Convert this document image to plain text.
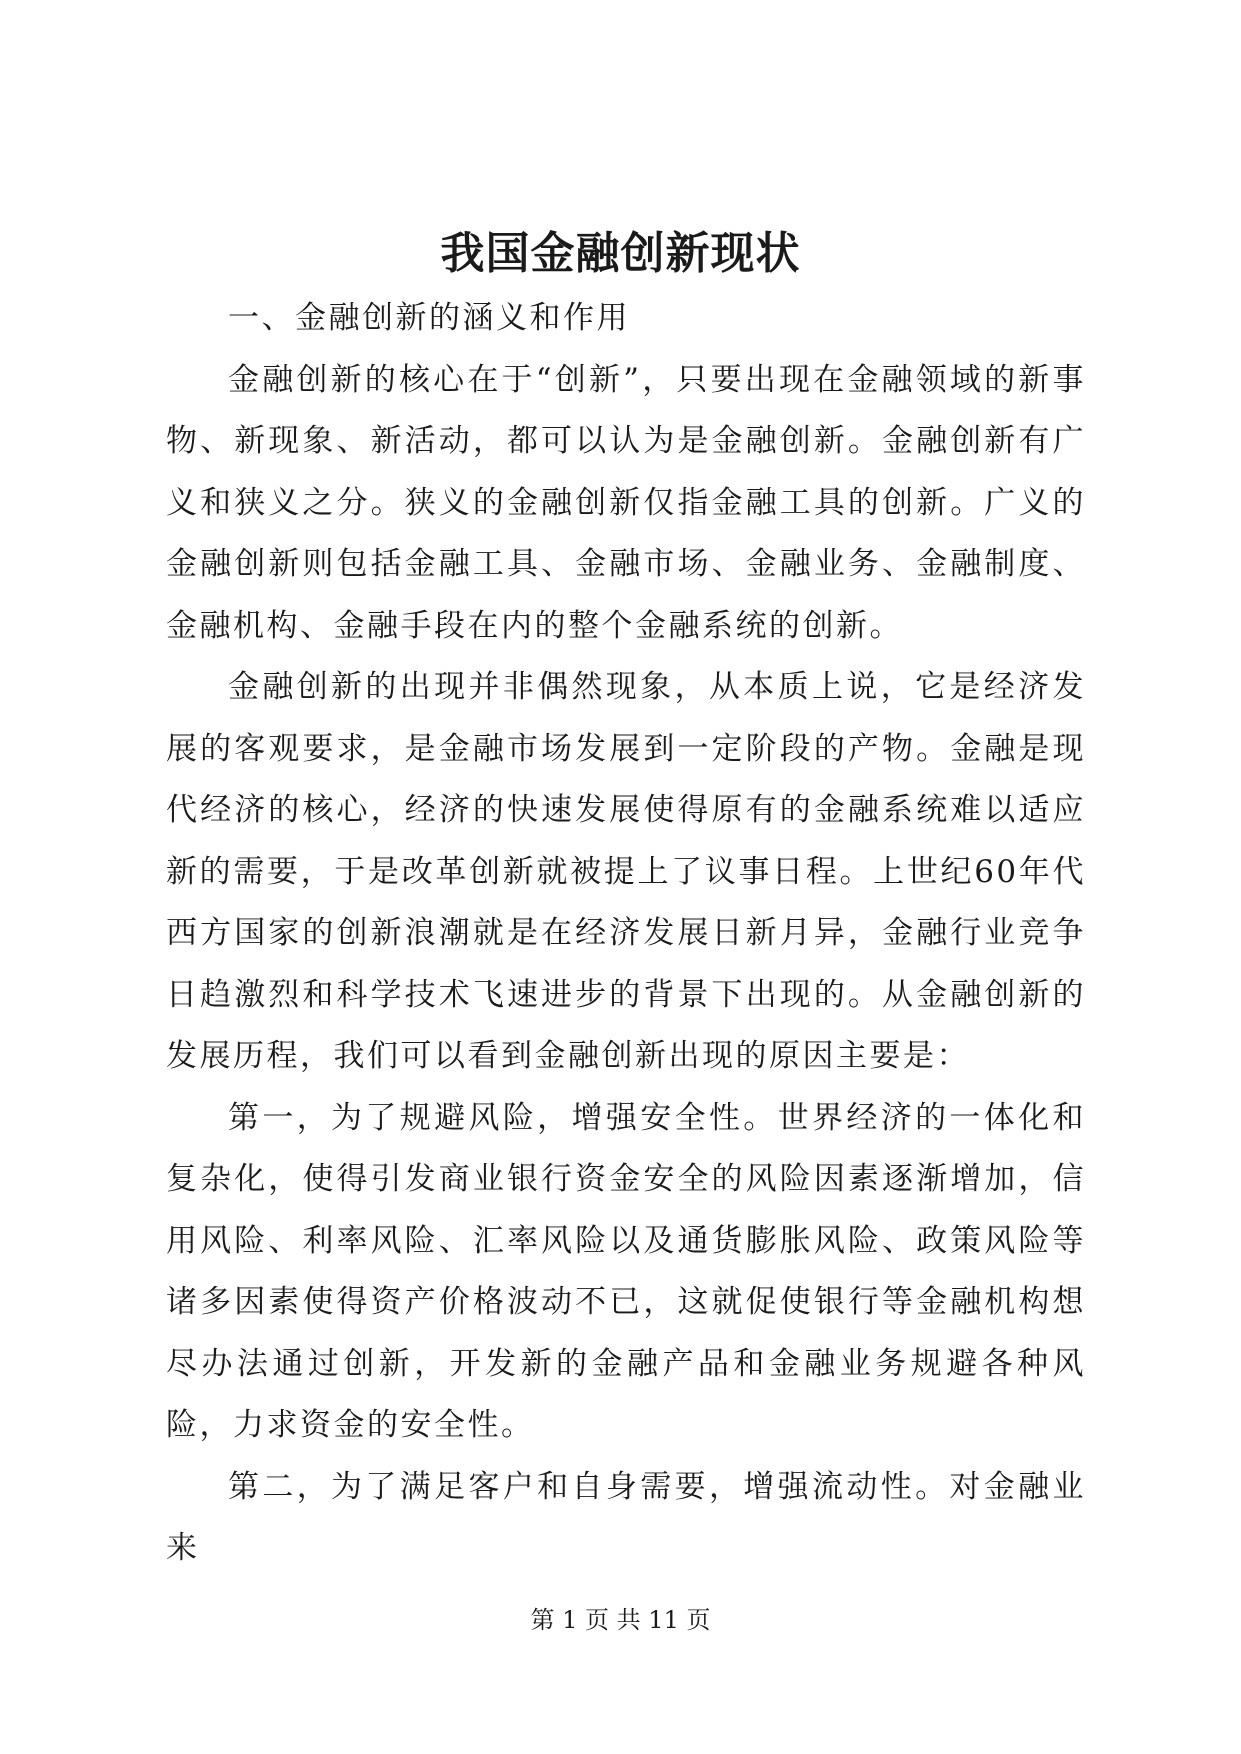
我国金融创新现状

一、金融创新的涵义和作用

金融创新的核心在于“创新”，只要出现在金融领域的新事物、新现象、新活动，都可以认为是金融创新。金融创新有广义和狭义之分。狭义的金融创新仅指金融工具的创新。广义的金融创新则包括金融工具、金融市场、金融业务、金融制度、金融机构、金融手段在内的整个金融系统的创新。

金融创新的出现并非偶然现象，从本质上说，它是经济发展的客观要求，是金融市场发展到一定阶段的产物。金融是现代经济的核心，经济的快速发展使得原有的金融系统难以适应新的需要，于是改革创新就被提上了议事日程。上世纪60年代西方国家的创新浪潮就是在经济发展日新月异，金融行业竞争日趋激烈和科学技术飞速进步的背景下出现的。从金融创新的发展历程，我们可以看到金融创新出现的原因主要是：

第一，为了规避风险，增强安全性。世界经济的一体化和复杂化，使得引发商业银行资金安全的风险因素逐渐增加，信用风险、利率风险、汇率风险以及通货膨胀风险、政策风险等诸多因素使得资产价格波动不已，这就促使银行等金融机构想尽办法通过创新，开发新的金融产品和金融业务规避各种风险，力求资金的安全性。

第二，为了满足客户和自身需要，增强流动性。对金融业来

第 1 页 共 11 页
